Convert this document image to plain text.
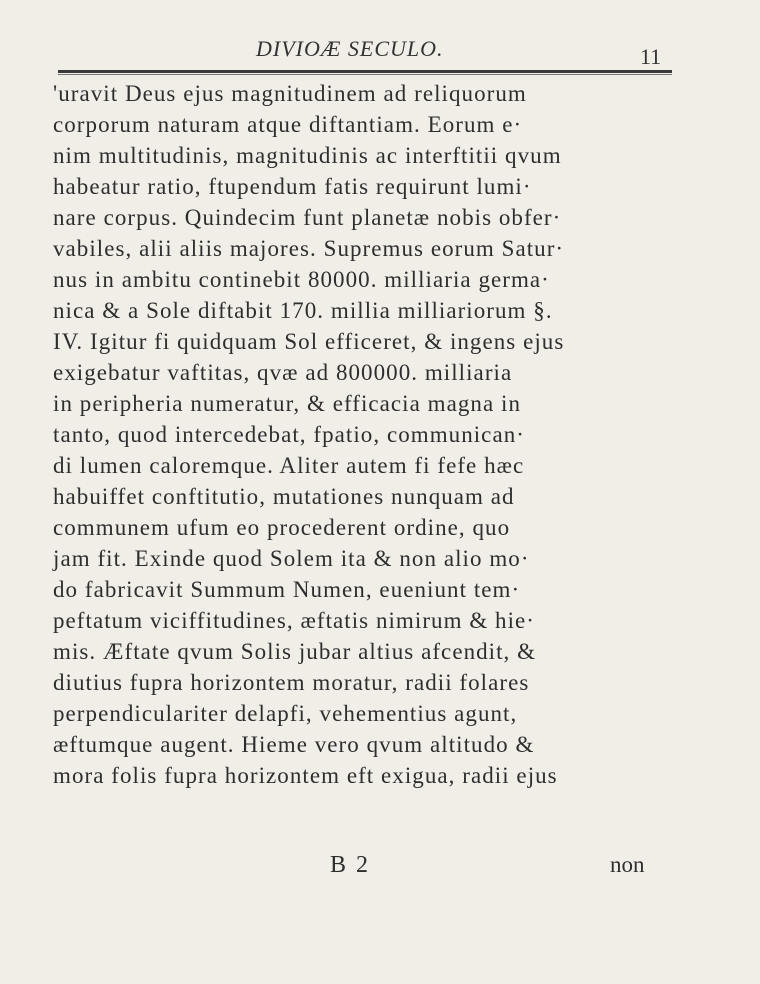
DIVIOÆ SECULO.	11
'uravit Deus ejus magnitudinem ad reliquorum
corporum naturam atque diftantiam. Eorum e·
nim multitudinis, magnitudinis ac interftitii qvum
habeatur ratio, ftupendum fatis requirunt lumi·
nare corpus. Quindecim funt planetæ nobis obfer·
vabiles, alii aliis majores. Supremus eorum Satur·
nus in ambitu continebit 80000. milliaria germa·
nica & a Sole diftabit 170. millia milliariorum §.
IV. Igitur fi quidquam Sol efficeret, & ingens ejus
exigebatur vaftitas, qvæ ad 800000. milliaria
in peripheria numeratur, & efficacia magna in
tanto, quod intercedebat, fpatio, communican·
di lumen caloremque. Aliter autem fi fefe hæc
habuiffet conftitutio, mutationes nunquam ad
communem ufum eo procederent ordine, quo
jam fit. Exinde quod Solem ita & non alio mo·
do fabricavit Summum Numen, eueniunt tem·
peftatum viciffitudines, æftatis nimirum & hie·
mis. Æftate qvum Solis jubar altius afcendit, &
diutius fupra horizontem moratur, radii folares
perpendiculariter delapfi, vehementius agunt,
æftumque augent. Hieme vero qvum altitudo &
mora folis fupra horizontem eft exigua, radii ejus
B 2	non
